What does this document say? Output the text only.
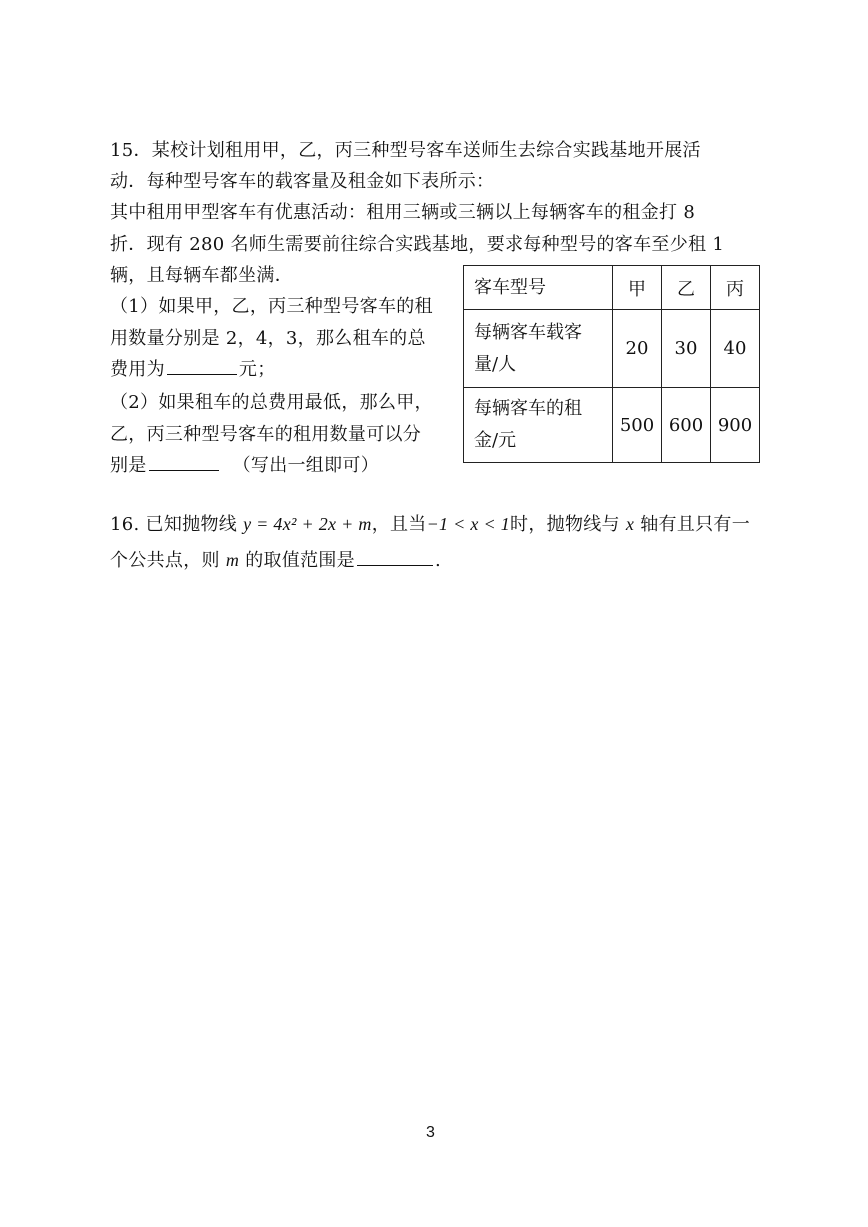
15．某校计划租用甲，乙，丙三种型号客车送师生去综合实践基地开展活
动．每种型号客车的载客量及租金如下表所示：
其中租用甲型客车有优惠活动：租用三辆或三辆以上每辆客车的租金打 8
折．现有 280 名师生需要前往综合实践基地，要求每种型号的客车至少租 1
辆，且每辆车都坐满．
（1）如果甲，乙，丙三种型号客车的租
用数量分别是 2，4，3，那么租车的总
费用为	元；
（2）如果租车的总费用最低，那么甲，
乙，丙三种型号客车的租用数量可以分
别是	（写出一组即可）
客车型号	甲	乙	丙

每辆客车载客
量/人	20	30	40

每辆客车的租
金/元	500	600	900
16. 已知抛物线 y = 4x² + 2x + m，且当−1 < x < 1时，抛物线与 x 轴有且只有一
个公共点，则 m 的取值范围是	.
3
